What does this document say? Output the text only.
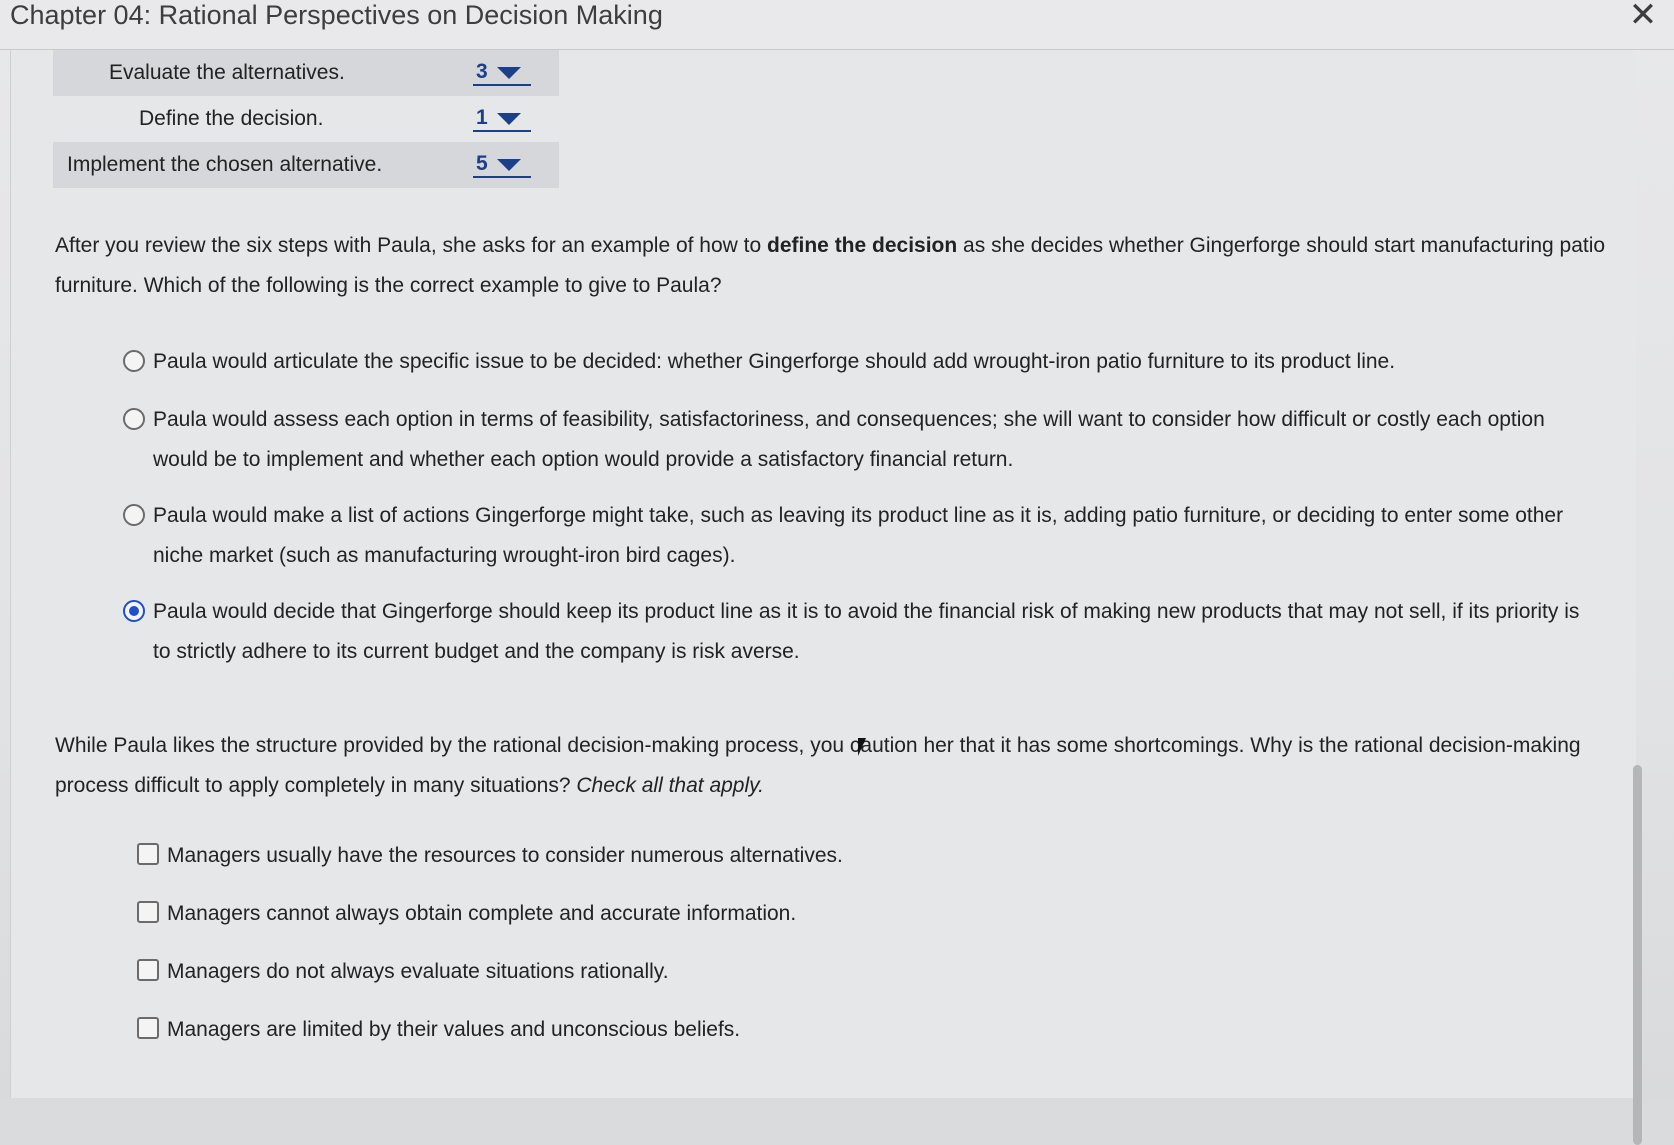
Chapter 04: Rational Perspectives on Decision Making	✕
Evaluate the alternatives.	3
Define the decision.	1
Implement the chosen alternative.	5
After you review the six steps with Paula, she asks for an example of how to define the decision as she decides whether Gingerforge should start manufacturing patio furniture. Which of the following is the correct example to give to Paula?
Paula would articulate the specific issue to be decided: whether Gingerforge should add wrought-iron patio furniture to its product line.
Paula would assess each option in terms of feasibility, satisfactoriness, and consequences; she will want to consider how difficult or costly each option would be to implement and whether each option would provide a satisfactory financial return.
Paula would make a list of actions Gingerforge might take, such as leaving its product line as it is, adding patio furniture, or deciding to enter some other niche market (such as manufacturing wrought-iron bird cages).
Paula would decide that Gingerforge should keep its product line as it is to avoid the financial risk of making new products that may not sell, if its priority is to strictly adhere to its current budget and the company is risk averse.
While Paula likes the structure provided by the rational decision-making process, you caution her that it has some shortcomings. Why is the rational decision-making process difficult to apply completely in many situations? Check all that apply.
Managers usually have the resources to consider numerous alternatives.
Managers cannot always obtain complete and accurate information.
Managers do not always evaluate situations rationally.
Managers are limited by their values and unconscious beliefs.
